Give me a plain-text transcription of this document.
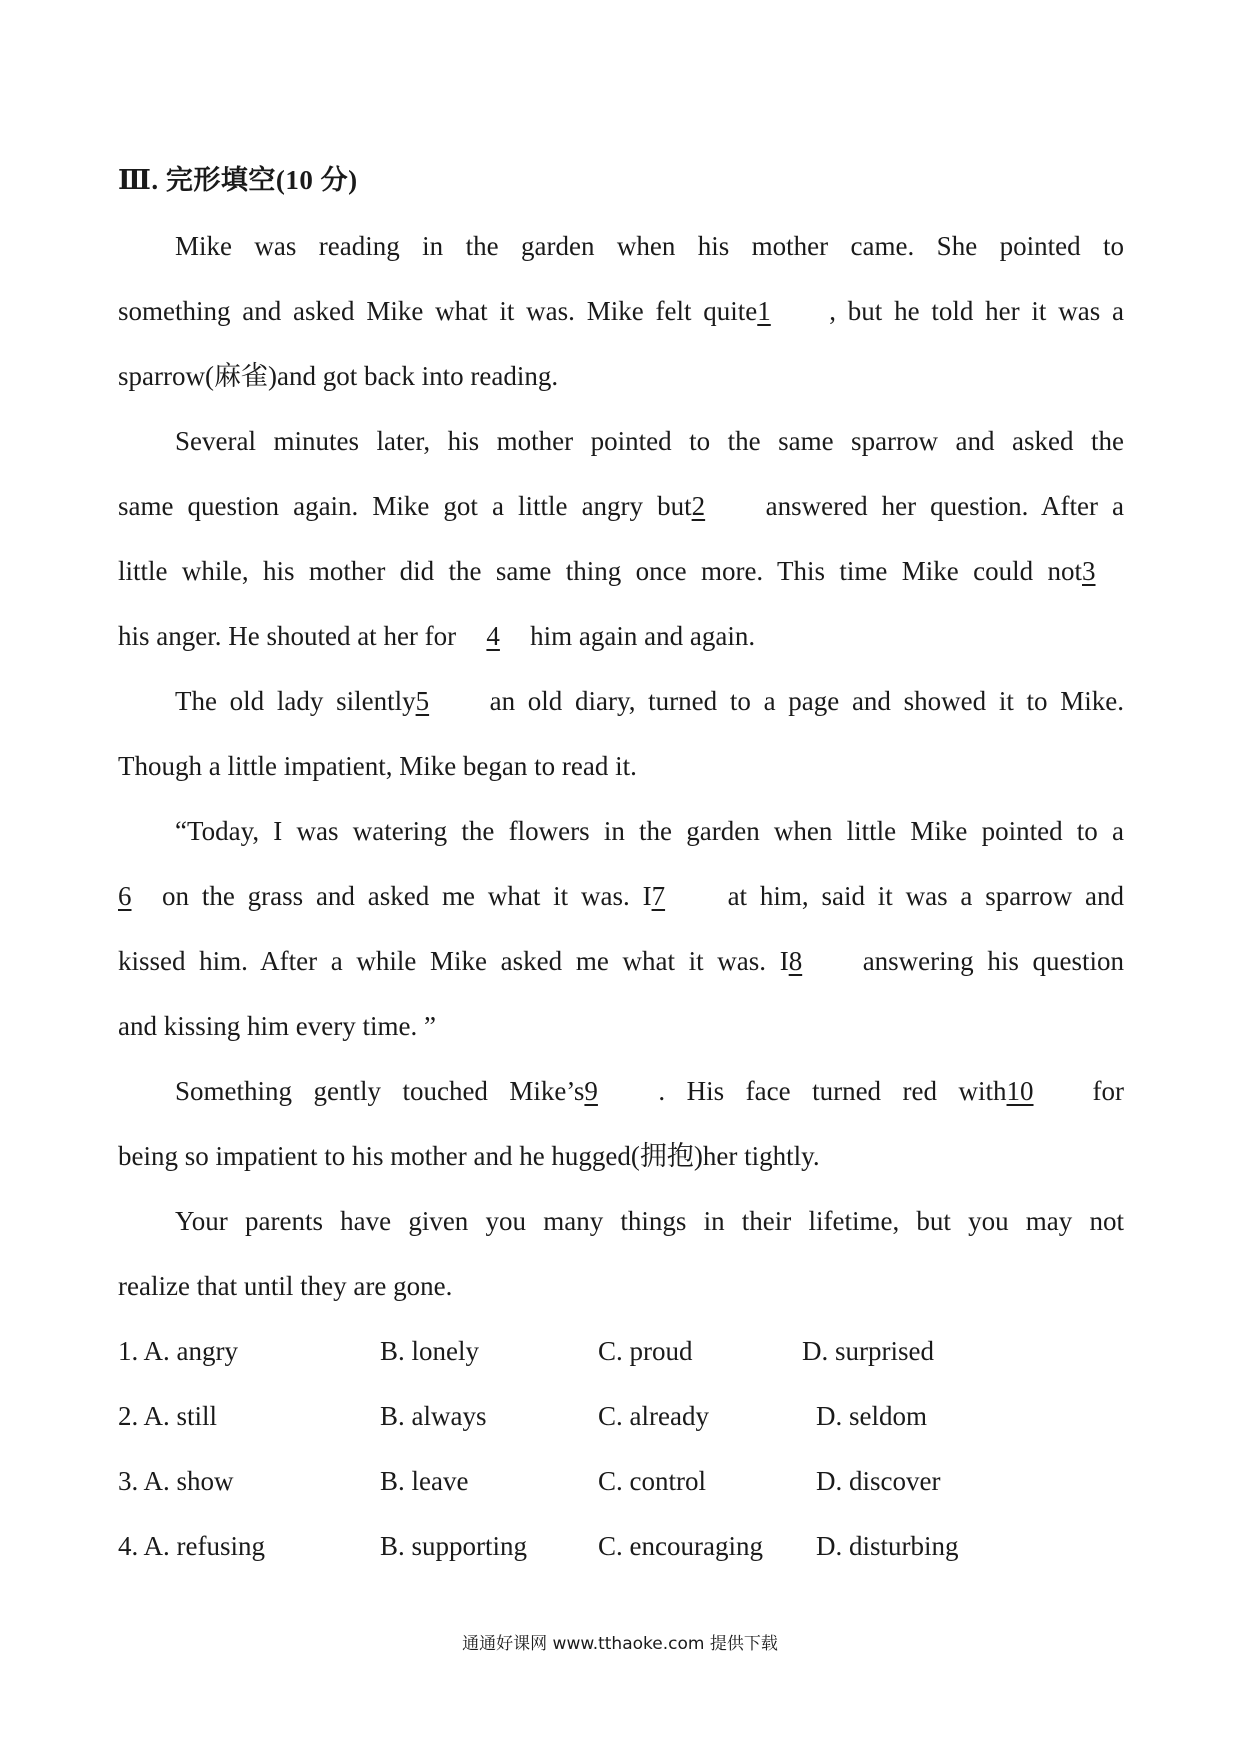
Ⅲ. 完形填空(10 分)
Mike was reading in the garden when his mother came. She pointed to
something and asked Mike what it was. Mike felt quite1 , but he told her it was a
sparrow(麻雀)and got back into reading.
Several minutes later, his mother pointed to the same sparrow and asked the
same question again. Mike got a little angry but2 answered her question. After a
little while, his mother did the same thing once more. This time Mike could not3
his anger. He shouted at her for 4 him again and again.
The old lady silently5 an old diary, turned to a page and showed it to Mike.
Though a little impatient, Mike began to read it.
“Today, I was watering the flowers in the garden when little Mike pointed to a
6 on the grass and asked me what it was. I7 at him, said it was a sparrow and
kissed him. After a while Mike asked me what it was. I8 answering his question
and kissing him every time. ”
Something gently touched Mike’s9 . His face turned red with10 for
being so impatient to his mother and he hugged(拥抱)her tightly.
Your parents have given you many things in their lifetime, but you may not
realize that until they are gone.
1. A. angry	B. lonely	C. proud	D. surprised
2. A. still	B. always	C. already	D. seldom
3. A. show	B. leave	C. control	D. discover
4. A. refusing	B. supporting	C. encouraging D. disturbing
通通好课网 www.tthaoke.com 提供下载
